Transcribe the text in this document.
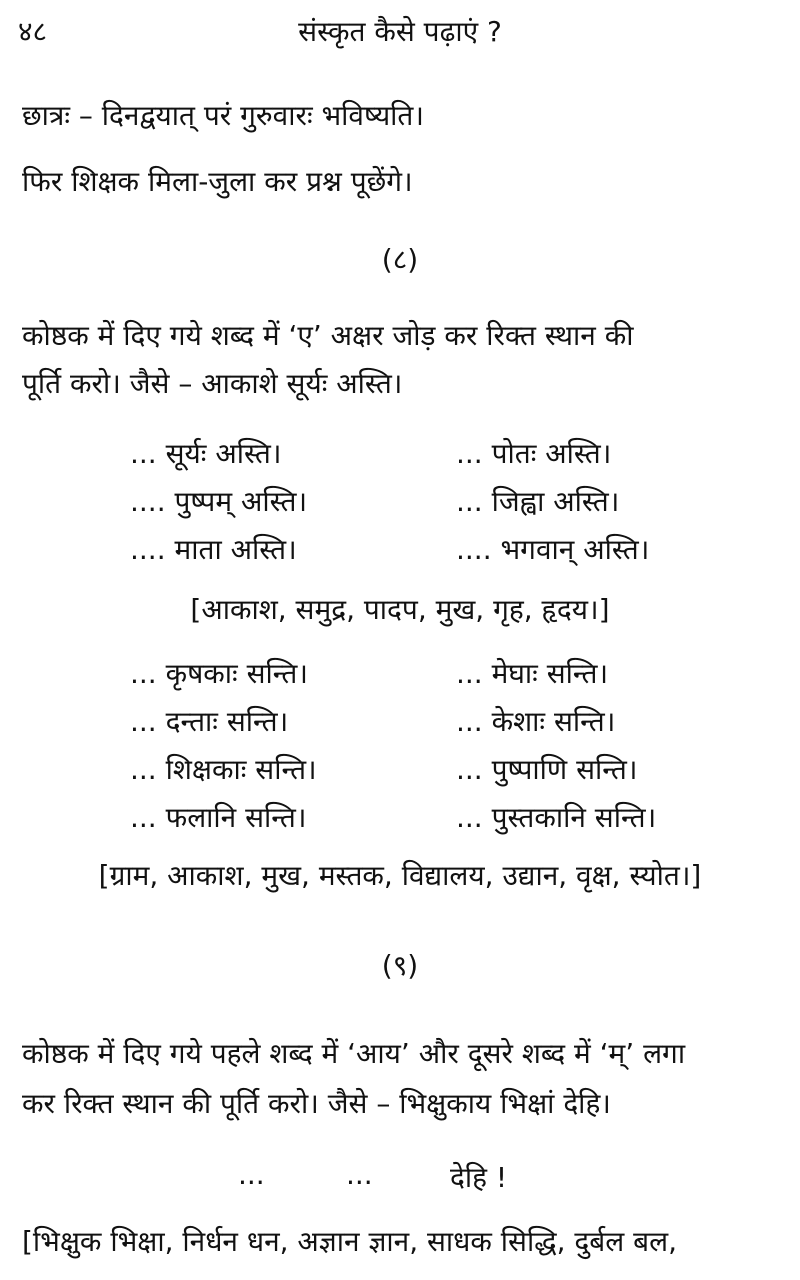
संस्कृत कैसे पढ़ाएं ?
४८
छात्रः – दिनद्वयात् परं गुरुवारः भविष्यति।
फिर शिक्षक मिला-जुला कर प्रश्न पूछेंगे।
(८)
कोष्ठक में दिए गये शब्द में ‘ए’ अक्षर जोड़ कर रिक्त स्थान की
पूर्ति करो। जैसे – आकाशे सूर्यः अस्ति।
... सूर्यः अस्ति।	... पोतः अस्ति।
.... पुष्पम् अस्ति।	... जिह्वा अस्ति।
.... माता अस्ति।	.... भगवान् अस्ति।
[आकाश, समुद्र, पादप, मुख, गृह, हृदय।]
... कृषकाः सन्ति।	... मेघाः सन्ति।
... दन्ताः सन्ति।	... केशाः सन्ति।
... शिक्षकाः सन्ति।	... पुष्पाणि सन्ति।
... फलानि सन्ति।	... पुस्तकानि सन्ति।
[ग्राम, आकाश, मुख, मस्तक, विद्यालय, उद्यान, वृक्ष, स्योत।]
(९)
कोष्ठक में दिए गये पहले शब्द में ‘आय’ और दूसरे शब्द में ‘म्’ लगा
कर रिक्त स्थान की पूर्ति करो। जैसे – भिक्षुकाय भिक्षां देहि।
...	...	देहि !
[भिक्षुक भिक्षा, निर्धन धन, अज्ञान ज्ञान, साधक सिद्धि, दुर्बल बल,
